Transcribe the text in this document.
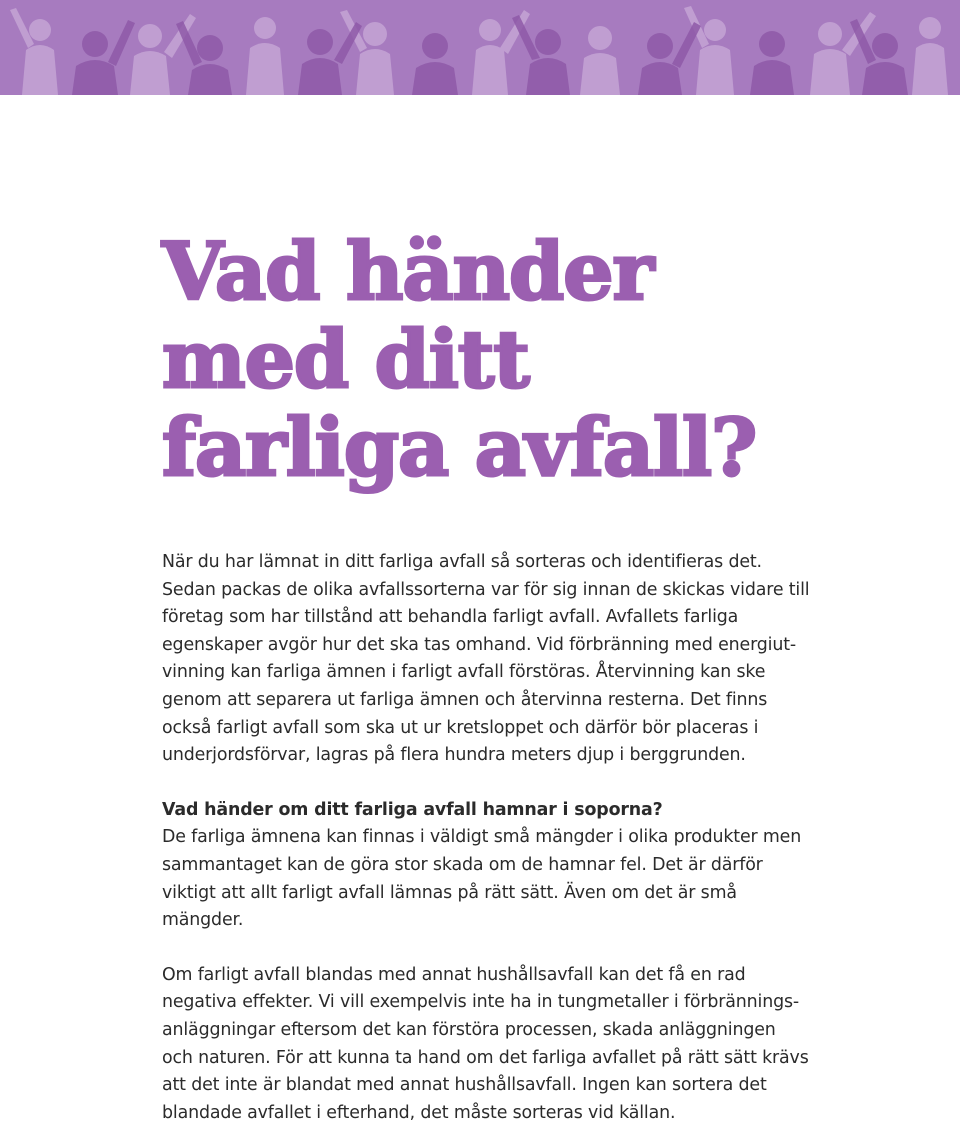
Vad händer
med ditt
farliga avfall?

När du har lämnat in ditt farliga avfall så sorteras och identifieras det.
Sedan packas de olika avfallssorterna var för sig innan de skickas vidare till
företag som har tillstånd att behandla farligt avfall. Avfallets farliga
egenskaper avgör hur det ska tas omhand. Vid förbränning med energiut-
vinning kan farliga ämnen i farligt avfall förstöras. Återvinning kan ske
genom att separera ut farliga ämnen och återvinna resterna. Det finns
också farligt avfall som ska ut ur kretsloppet och därför bör placeras i
underjordsförvar, lagras på flera hundra meters djup i berggrunden.

Vad händer om ditt farliga avfall hamnar i soporna?
De farliga ämnena kan finnas i väldigt små mängder i olika produkter men
sammantaget kan de göra stor skada om de hamnar fel. Det är därför
viktigt att allt farligt avfall lämnas på rätt sätt. Även om det är små
mängder.

Om farligt avfall blandas med annat hushållsavfall kan det få en rad
negativa effekter. Vi vill exempelvis inte ha in tungmetaller i förbrännings-
anläggningar eftersom det kan förstöra processen, skada anläggningen
och naturen. För att kunna ta hand om det farliga avfallet på rätt sätt krävs
att det inte är blandat med annat hushållsavfall. Ingen kan sortera det
blandade avfallet i efterhand, det måste sorteras vid källan.
